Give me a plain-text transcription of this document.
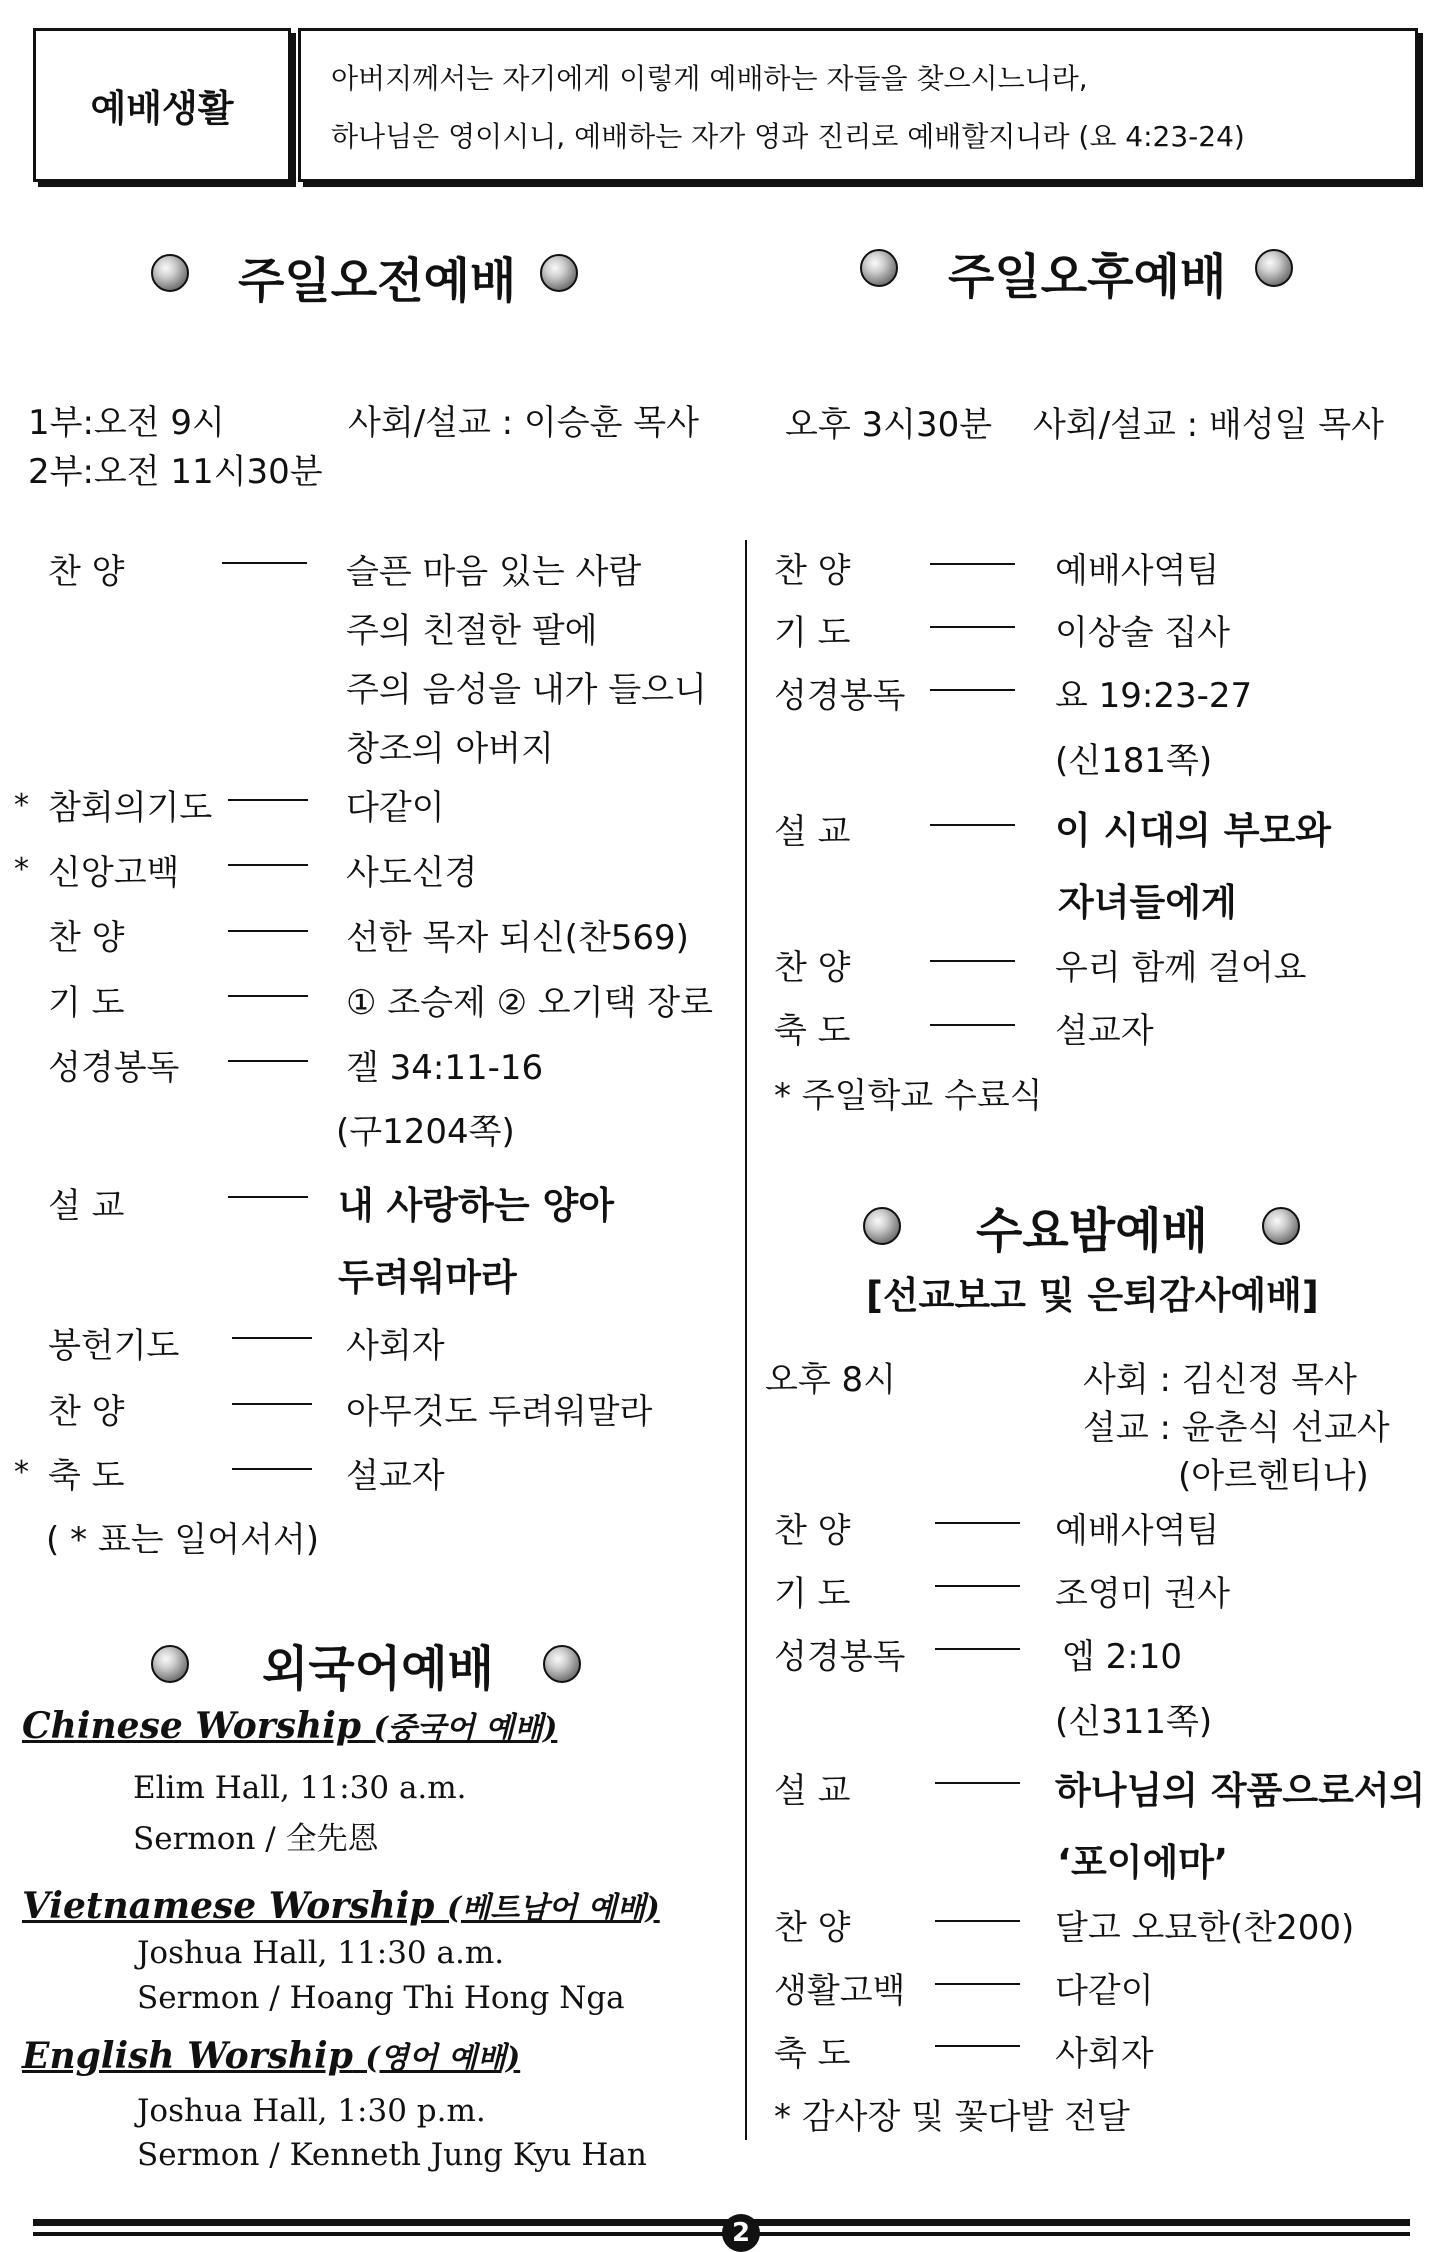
예배생활
아버지께서는 자기에게 이렇게 예배하는 자들을 찾으시느니라,
하나님은 영이시니, 예배하는 자가 영과 진리로 예배할지니라 (요 4:23-24)
주일오전예배	주일오후예배
1부:오전 9시	사회/설교 : 이승훈 목사
2부:오전 11시30분
오후 3시30분 사회/설교 : 배성일 목사
찬 양	슬픈 마음 있는 사람
주의 친절한 팔에
주의 음성을 내가 들으니
창조의 아버지
* 참회의기도	다같이
* 신앙고백	사도신경
찬 양	선한 목자 되신(찬569)
기 도	① 조승제 ② 오기택 장로
성경봉독	겔 34:11-16
(구1204쪽)
설 교	내 사랑하는 양아
두려워마라
봉헌기도	사회자
찬 양	아무것도 두려워말라
* 축 도	설교자
( * 표는 일어서서)
외국어예배
Chinese Worship (중국어 예배)
Elim Hall, 11:30 a.m.
Sermon / 全先恩
Vietnamese Worship (베트남어 예배)
Joshua Hall, 11:30 a.m.
Sermon / Hoang Thi Hong Nga
English Worship (영어 예배)
Joshua Hall, 1:30 p.m.
Sermon / Kenneth Jung Kyu Han
찬 양	예배사역팀
기 도	이상술 집사
성경봉독	요 19:23-27
(신181쪽)
설 교	이 시대의 부모와
자녀들에게
찬 양	우리 함께 걸어요
축 도	설교자
* 주일학교 수료식
수요밤예배
[선교보고 및 은퇴감사예배]
오후 8시	사회 : 김신정 목사
설교 : 윤춘식 선교사
(아르헨티나)
찬 양	예배사역팀
기 도	조영미 권사
성경봉독	엡 2:10
(신311쪽)
설 교	하나님의 작품으로서의
‘포이에마’
찬 양	달고 오묘한(찬200)
생활고백	다같이
축 도	사회자
* 감사장 및 꽃다발 전달
2
